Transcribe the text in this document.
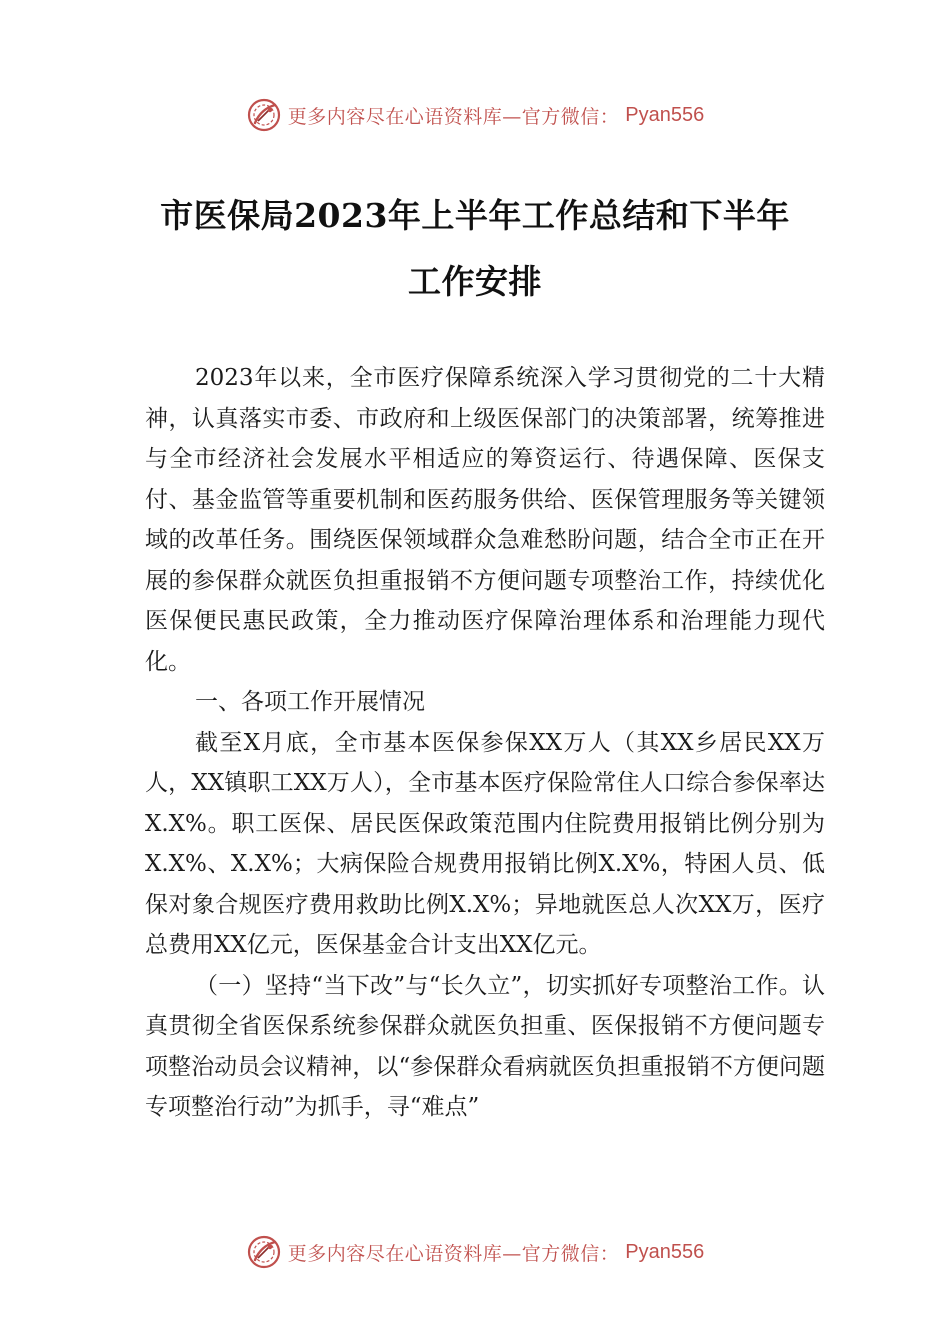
更多内容尽在心语资料库—官方微信： Pyan556
市医保局2023年上半年工作总结和下半年
工作安排

2023年以来，全市医疗保障系统深入学习贯彻党的二十大精神，认真落实市委、市政府和上级医保部门的决策部署，统筹推进与全市经济社会发展水平相适应的筹资运行、待遇保障、医保支付、基金监管等重要机制和医药服务供给、医保管理服务等关键领域的改革任务。围绕医保领域群众急难愁盼问题，结合全市正在开展的参保群众就医负担重报销不方便问题专项整治工作，持续优化医保便民惠民政策，全力推动医疗保障治理体系和治理能力现代化。

一、各项工作开展情况

截至X月底，全市基本医保参保XX万人（其XX乡居民XX万人，XX镇职工XX万人），全市基本医疗保险常住人口综合参保率达X.X%。职工医保、居民医保政策范围内住院费用报销比例分别为X.X%、X.X%；大病保险合规费用报销比例X.X%，特困人员、低保对象合规医疗费用救助比例X.X%；异地就医总人次XX万，医疗总费用XX亿元，医保基金合计支出XX亿元。

（一）坚持“当下改”与“长久立”，切实抓好专项整治工作。认真贯彻全省医保系统参保群众就医负担重、医保报销不方便问题专项整治动员会议精神，以“参保群众看病就医负担重报销不方便问题专项整治行动”为抓手，寻“难点”

更多内容尽在心语资料库—官方微信： Pyan556
